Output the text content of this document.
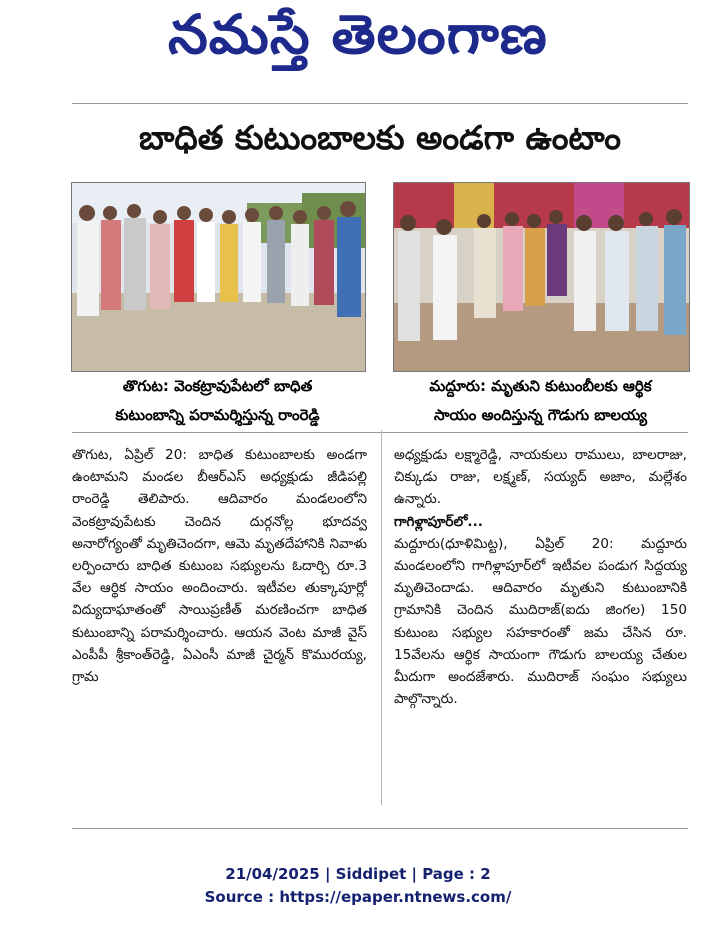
నమస్తే తెలంగాణ
బాధిత కుటుంబాలకు అండగా ఉంటాం
తొగుట: వెంకట్రావుపేటలో బాధిత
కుటుంబాన్ని పరామర్శిస్తున్న రాంరెడ్డి
మద్దూరు: మృతుని కుటుంబీలకు ఆర్థిక
సాయం అందిస్తున్న గౌడుగు బాలయ్య

తొగుట, ఏప్రిల్ 20: బాధిత కుటుంబాలకు అండగా ఉంటామని మండల బీఆర్ఎస్ అధ్యక్షుడు జీడిపల్లి రాంరెడ్డి తెలిపారు. ఆదివారం మండలంలోని వెంకట్రావుపేటకు చెందిన దుర్గనోల్ల భూదవ్వ అనారోగ్యంతో మృతిచెందగా, ఆమె మృతదేహానికి నివాళు లర్పించారు బాధిత కుటుంబ సభ్యులను ఓదార్చి రూ.3 వేల ఆర్థిక సాయం అందించారు. ఇటీవల తుక్కాపూర్లో విద్యుదాఘాతంతో సాయిప్రణీత్ మరణించగా బాధిత కుటుంబాన్ని పరామర్శించారు. ఆయన వెంట మాజీ వైస్ ఎంపీపీ శ్రీకాంత్‌రెడ్డి, ఏఎంసీ మాజీ చైర్మన్ కొమురయ్య, గ్రామ

అధ్యక్షుడు లక్ష్మారెడ్డి, నాయకులు రాములు, బాలరాజు, చిక్కుడు రాజు, లక్ష్మణ్, సయ్యద్ అజాం, మల్లేశం ఉన్నారు.

గాగిళ్లాపూర్‌లో...

మద్దూరు(ధూళిమిట్ట), ఏప్రిల్ 20: మద్దూరు మండలంలోని గాగిళ్లాపూర్‌లో ఇటీవల పండుగ సిద్దయ్య మృతిచెందాడు. ఆదివారం మృతుని కుటుంబానికి గ్రామానికి చెందిన ముదిరాజ్(ఐదు జింగల) 150 కుటుంబ సభ్యుల సహకారంతో జమ చేసిన రూ. 15వేలను ఆర్థిక సాయంగా గౌడుగు బాలయ్య చేతుల మీదుగా అందజేశారు. ముదిరాజ్ సంఘం సభ్యులు పాల్గొన్నారు.

21/04/2025 | Siddipet | Page : 2
Source : https://epaper.ntnews.com/
